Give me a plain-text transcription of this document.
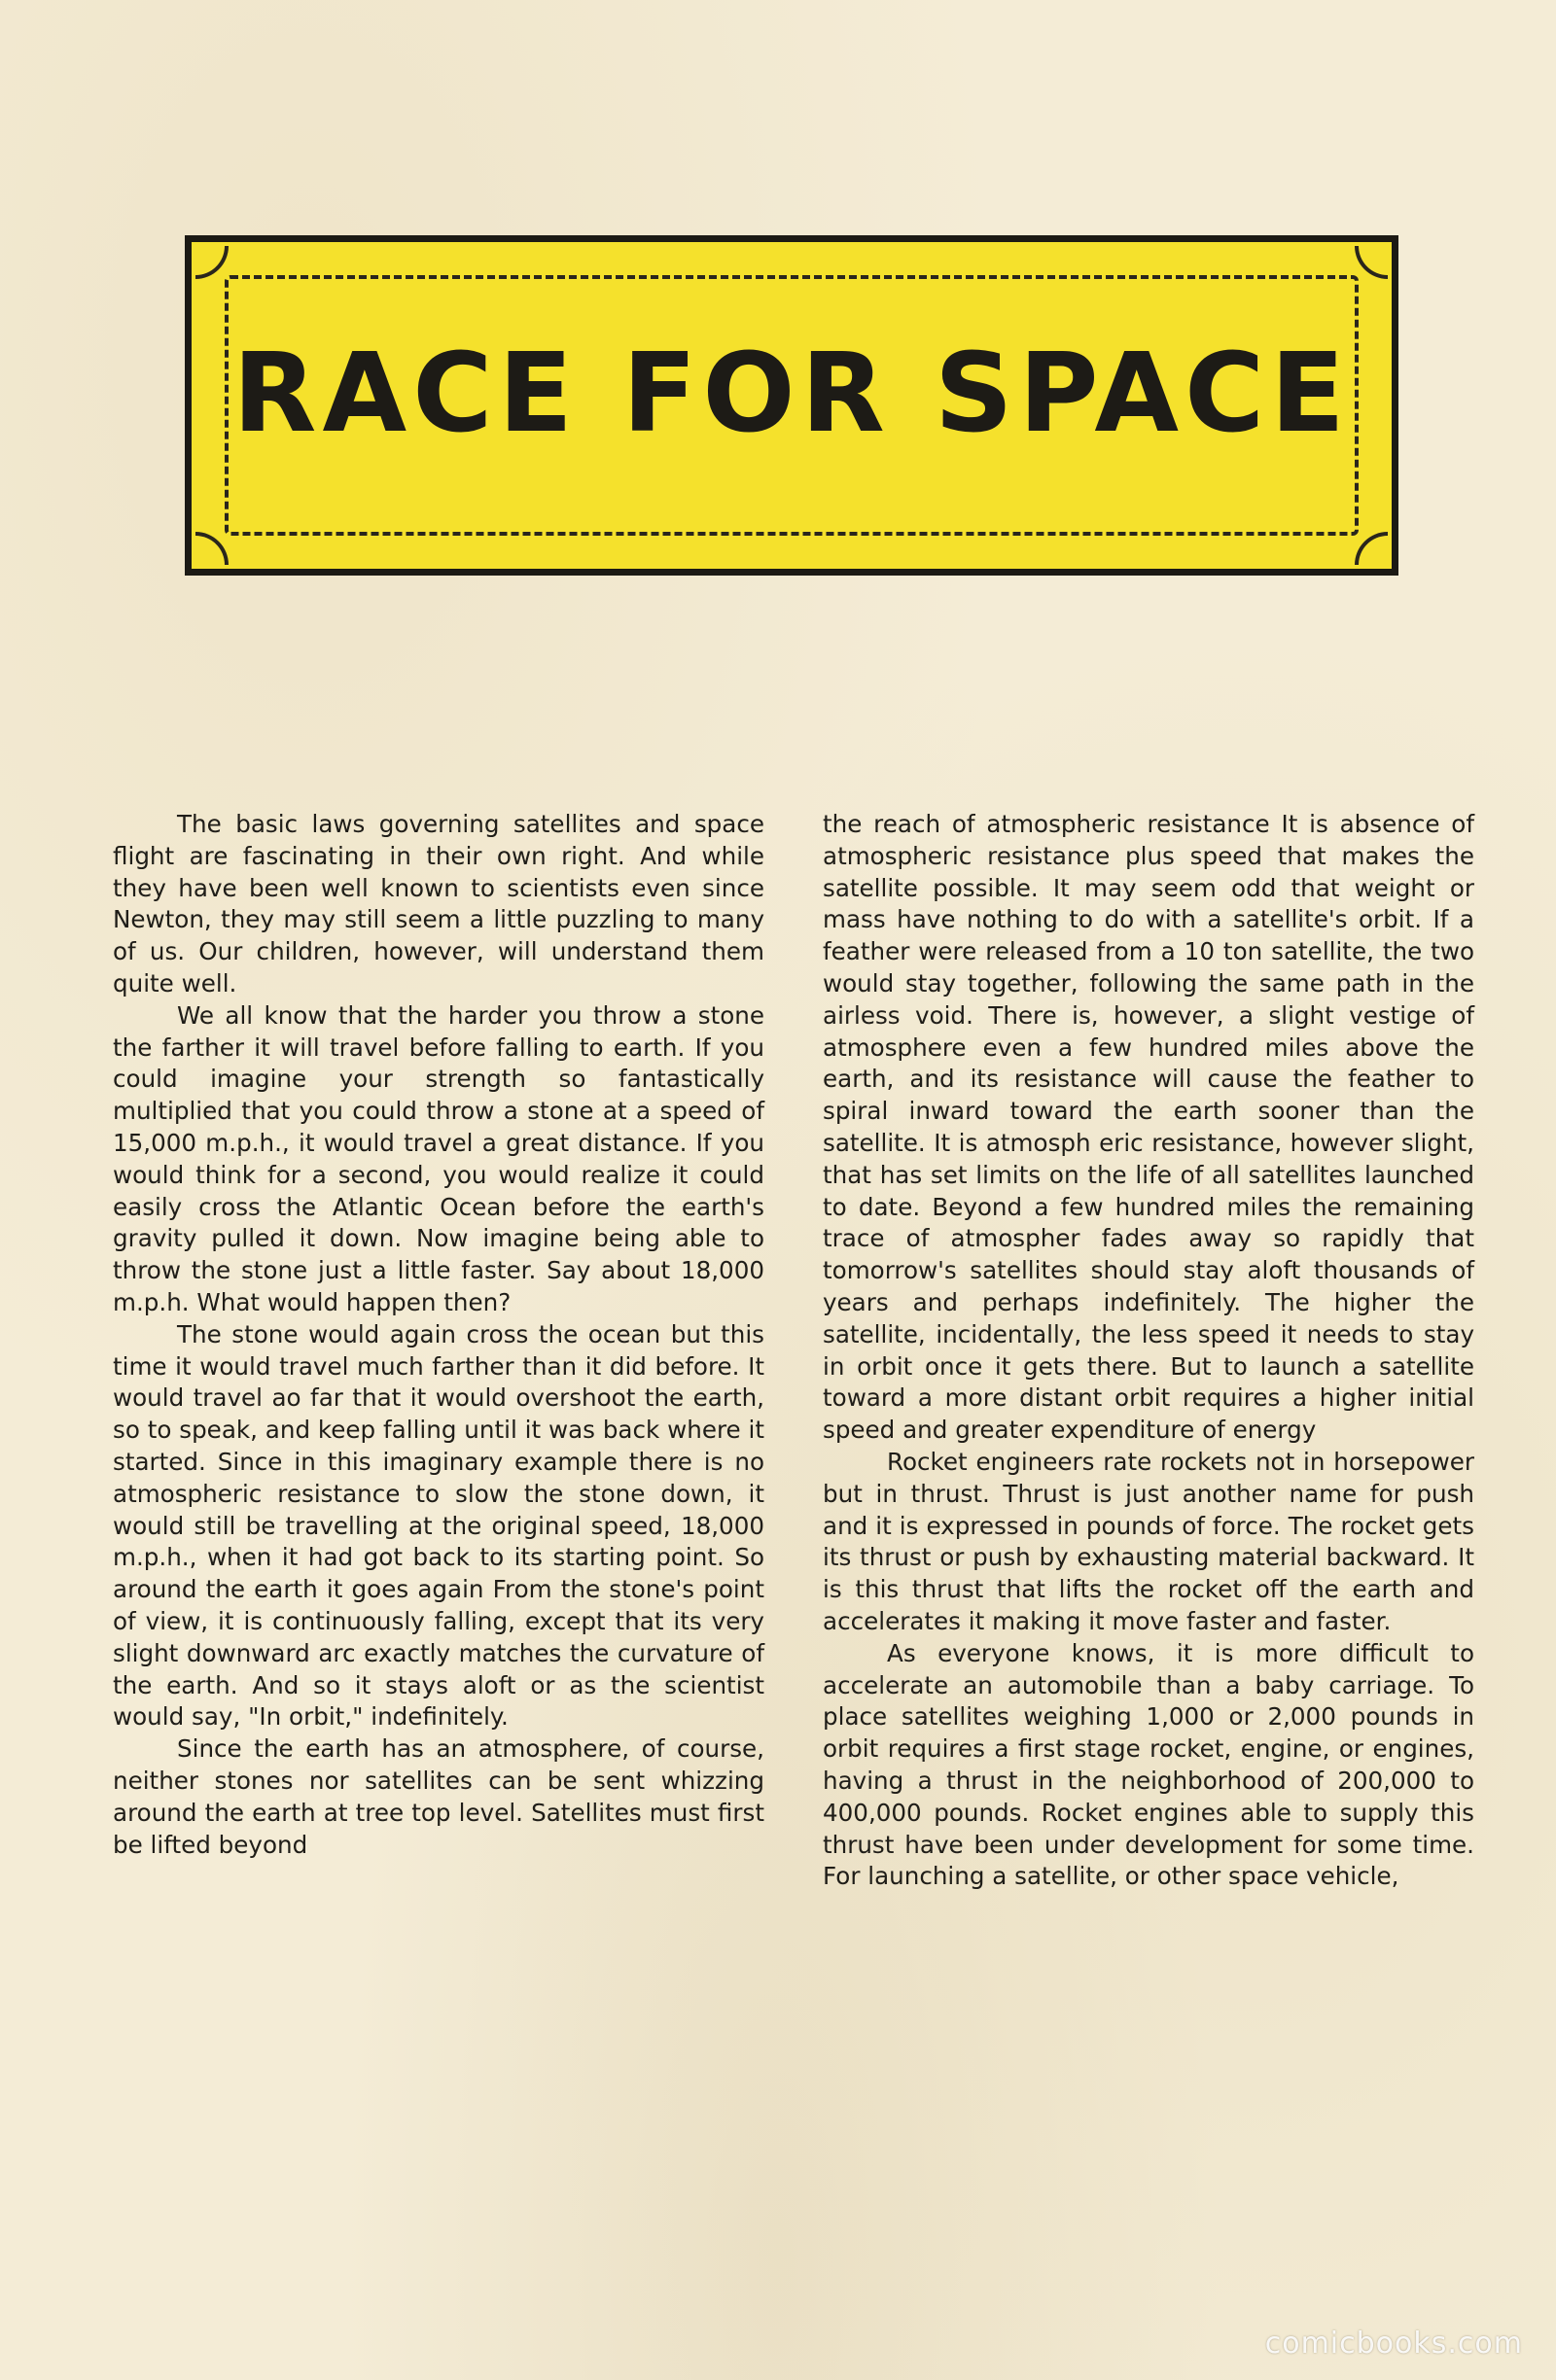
RACE FOR SPACE

The basic laws governing satellites and space flight are fascinating in their own right. And while they have been well known to scientists even since Newton, they may still seem a little puzzling to many of us. Our children, however, will understand them quite well.

We all know that the harder you throw a stone the farther it will travel before falling to earth. If you could imagine your strength so fantastically multiplied that you could throw a stone at a speed of 15,000 m.p.h., it would travel a great distance. If you would think for a second, you would realize it could easily cross the Atlantic Ocean before the earth's gravity pulled it down. Now imagine being able to throw the stone just a little faster. Say about 18,000 m.p.h. What would happen then?

The stone would again cross the ocean but this time it would travel much farther than it did before. It would travel ao far that it would overshoot the earth, so to speak, and keep falling until it was back where it started. Since in this imaginary example there is no atmospheric resistance to slow the stone down, it would still be travelling at the original speed, 18,000 m.p.h., when it had got back to its starting point. So around the earth it goes again From the stone's point of view, it is continuously falling, except that its very slight downward arc exactly matches the curvature of the earth. And so it stays aloft or as the scientist would say, "In orbit," indefinitely.

Since the earth has an atmosphere, of course, neither stones nor satellites can be sent whizzing around the earth at tree top level. Satellites must first be lifted beyond

the reach of atmospheric resistance It is absence of atmospheric resistance plus speed that makes the satellite possible. It may seem odd that weight or mass have nothing to do with a satellite's orbit. If a feather were released from a 10 ton satellite, the two would stay together, following the same path in the airless void. There is, however, a slight vestige of atmosphere even a few hundred miles above the earth, and its resistance will cause the feather to spiral inward toward the earth sooner than the satellite. It is atmosph eric resistance, however slight, that has set limits on the life of all satellites launched to date. Beyond a few hundred miles the remaining trace of atmospher fades away so rapidly that tomorrow's satellites should stay aloft thousands of years and perhaps indefinitely. The higher the satellite, incidentally, the less speed it needs to stay in orbit once it gets there. But to launch a satellite toward a more distant orbit requires a higher initial speed and greater expenditure of energy

Rocket engineers rate rockets not in horsepower but in thrust. Thrust is just another name for push and it is expressed in pounds of force. The rocket gets its thrust or push by exhausting material backward. It is this thrust that lifts the rocket off the earth and accelerates it making it move faster and faster.

As everyone knows, it is more difficult to accelerate an automobile than a baby carriage. To place satellites weighing 1,000 or 2,000 pounds in orbit requires a first stage rocket, engine, or engines, having a thrust in the neighborhood of 200,000 to 400,000 pounds. Rocket engines able to supply this thrust have been under development for some time. For launching a satellite, or other space vehicle,

comicbooks.com
